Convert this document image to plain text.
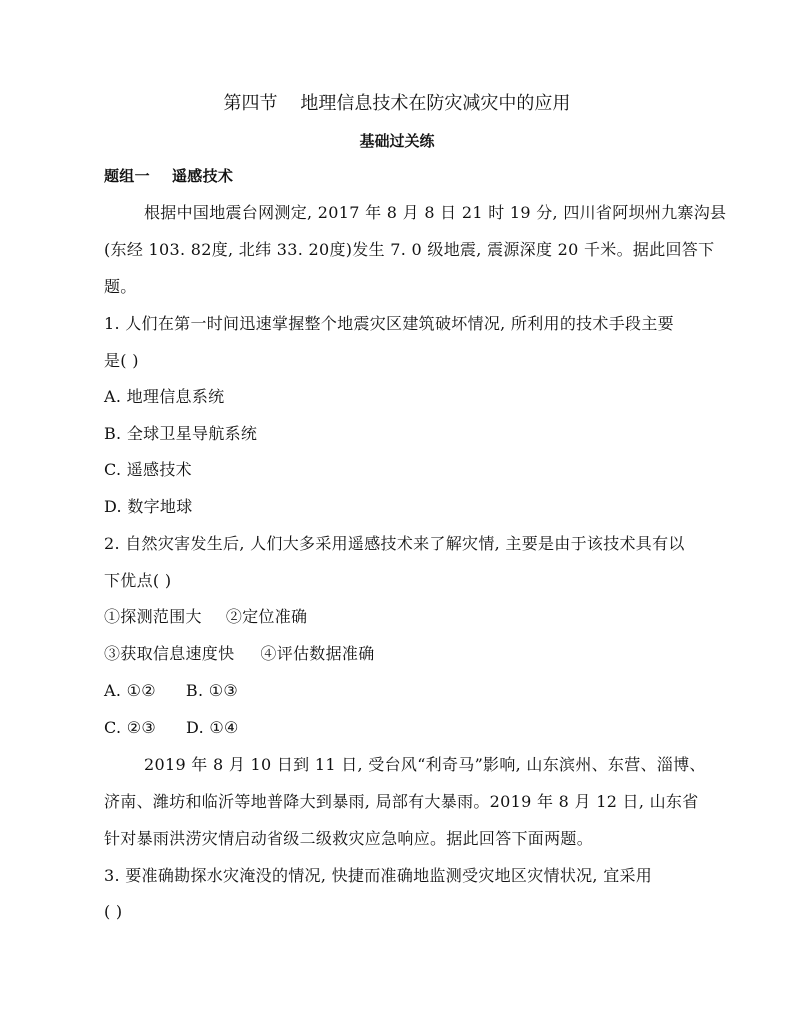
第四节    地理信息技术在防灾减灾中的应用
基础过关练
题组一    遥感技术
根据中国地震台网测定, 2017 年 8 月 8 日 21 时 19 分, 四川省阿坝州九寨沟县
(东经 103. 82度, 北纬 33. 20度)发生 7. 0 级地震, 震源深度 20 千米。据此回答下
题。
1. 人们在第一时间迅速掌握整个地震灾区建筑破坏情况, 所利用的技术手段主要
是( )
A. 地理信息系统
B. 全球卫星导航系统
C. 遥感技术
D. 数字地球
2. 自然灾害发生后, 人们大多采用遥感技术来了解灾情, 主要是由于该技术具有以
下优点( )
①探测范围大 ②定位准确
③获取信息速度快 ④评估数据准确
A. ①② B. ①③
C. ②③ D. ①④
2019 年 8 月 10 日到 11 日, 受台风“利奇马”影响, 山东滨州、东营、淄博、
济南、潍坊和临沂等地普降大到暴雨, 局部有大暴雨。2019 年 8 月 12 日, 山东省
针对暴雨洪涝灾情启动省级二级救灾应急响应。据此回答下面两题。
3. 要准确勘探水灾淹没的情况, 快捷而准确地监测受灾地区灾情状况, 宜采用
( )
